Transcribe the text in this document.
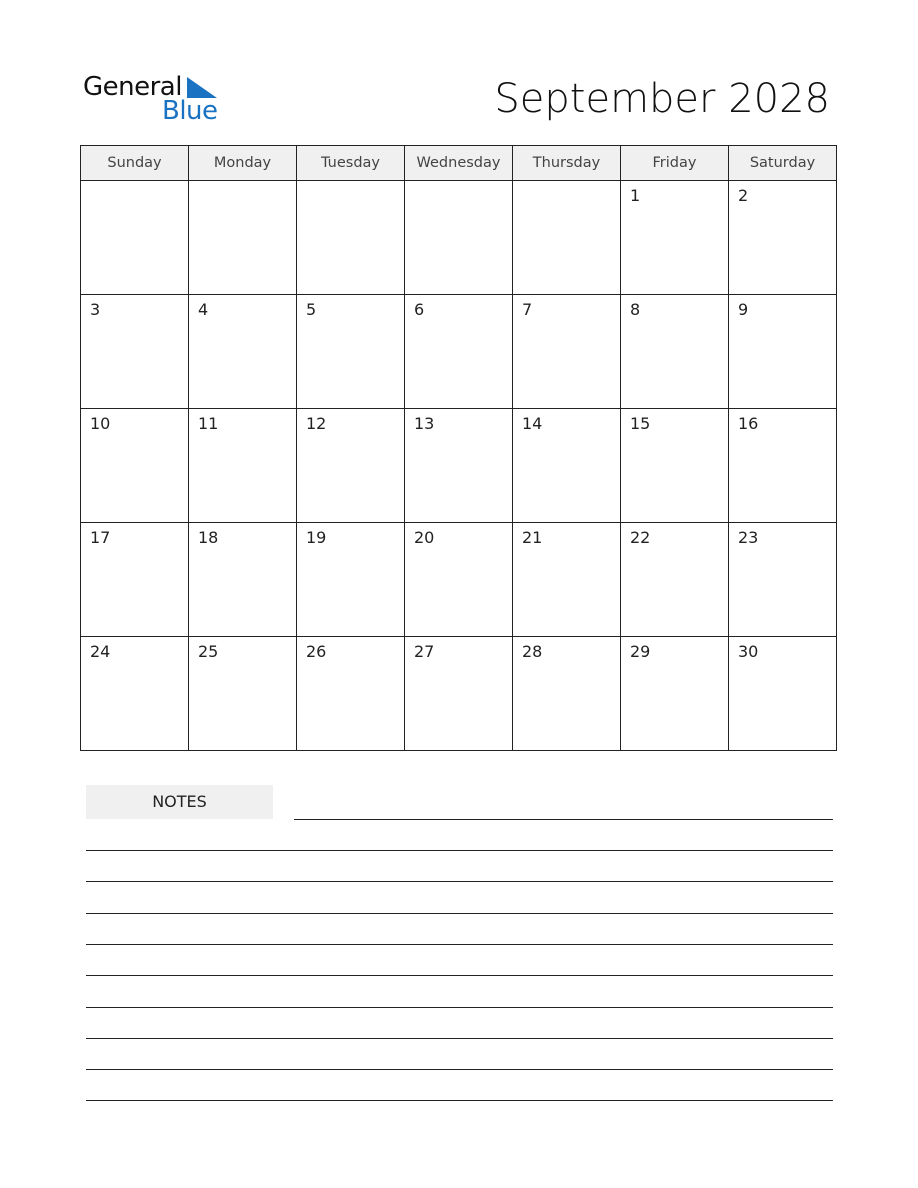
General
Blue	September 2028
Sunday	Monday	Tuesday	Wednesday	Thursday	Friday	Saturday

					1	2

3	4	5	6	7	8	9

10	11	12	13	14	15	16

17	18	19	20	21	22	23

24	25	26	27	28	29	30
NOTES
